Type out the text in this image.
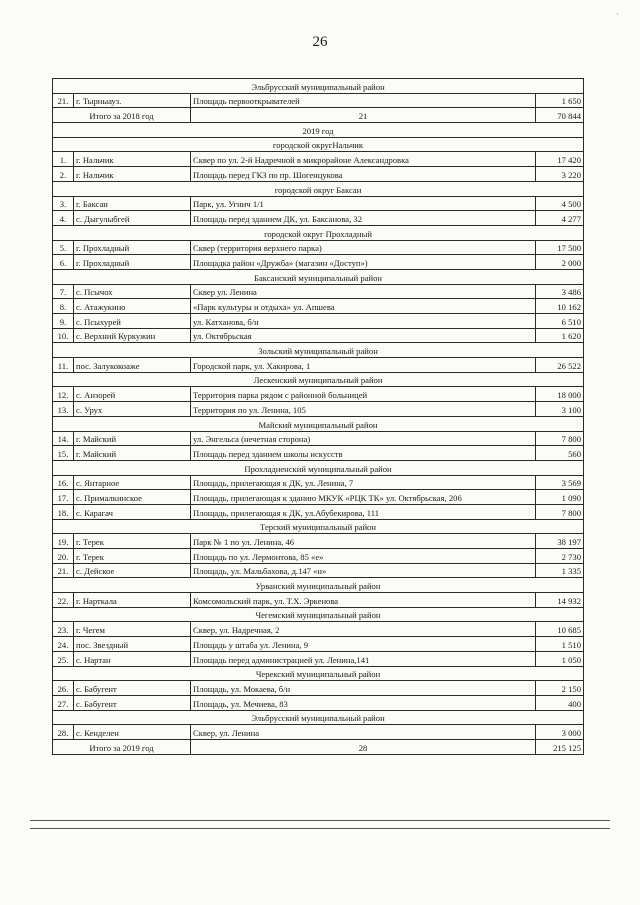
26
·
Эльбрусский муниципальный район			
21.	г. Тырныауз.	Площадь первооткрывателей	1 650
Итого за 2018 год		21	70 844
2019 год			
городской округНальчик			
1.	г. Нальчик	Сквер по ул. 2-й Надречной в микрорайоне Александровка	17 420
2.	г. Нальчик	Площадь перед ГКЗ по пр. Шогенцукова	3 220
городской округ Баксан			
3.	г. Баксан	Парк, ул. Угнич 1/1	4 500
4.	с. Дыгулыбгей	Площадь перед зданием ДК, ул. Баксанова, 32	4 277
городской округ Прохладный			
5.	г. Прохладный	Сквер (территория верхнего парка)	17 500
6.	г. Прохладный	Площадка район «Дружба» (магазин «Доступ»)	2 000
Баксанский муниципальный район			
7.	с. Псычох	Сквер ул. Ленина	3 486
8.	с. Атажукино	«Парк культуры и отдыха» ул. Апшева	10 162
9.	с. Псыхурей	ул. Катханова, б/н	6 510
10.	с. Верхний Куркужин	ул. Октябрьская	1 620
Зольский муниципальный район			
11.	пос. Залукокоаже	Городской парк, ул. Хакирова, 1	26 522
Лескенский муниципальный район			
12.	с. Анзорей	Территория парка рядом с районной больницей	18 000
13.	с. Урух	Территория по ул. Ленина, 105	3 100
Майский муниципальный район			
14.	г. Майский	ул. Энгельса (нечетная сторона)	7 800
15.	г. Майский	Площадь перед зданием школы искусств	560
Прохладненский муниципальный район			
16.	с. Янтарное	Площадь, прилегающая к ДК, ул. Ленина, 7	3 569
17.	с. Прималкинское	Площадь, прилегающая к зданию МКУК «РЦК ТК» ул. Октябрьская, 206	1 090
18.	с. Карагач	Площадь, прилегающая к ДК, ул.Абубекирова, 111	7 800
Терский муниципальный район			
19.	г. Терек	Парк № 1 по ул. Ленина, 46	38 197
20.	г. Терек	Площадь по ул. Лермонтова, 85 «е»	2 730
21.	с. Дейское	Площадь, ул. Мальбахова, д.147 «н»	1 335
Урванский муниципальный район			
22.	г. Нарткала	Комсомольский парк, ул. Т.Х. Эркенова	14 932
Чегемский муниципальный район			
23.	г. Чегем	Сквер, ул. Надречная, 2	10 685
24.	пос. Звездный	Площадь у штаба ул. Ленина, 9	1 510
25.	с. Нартан	Площадь перед администрацией ул. Ленина,141	1 050
Черекский муниципальный район			
26.	с. Бабугент	Площадь, ул. Мокаева, б/н	2 150
27.	с. Бабугент	Площадь, ул. Мечиева, 83	400
Эльбрусский муниципальный район			
28.	с. Кенделен	Сквер, ул. Ленина	3 000
Итого за 2019 год		28	215 125
